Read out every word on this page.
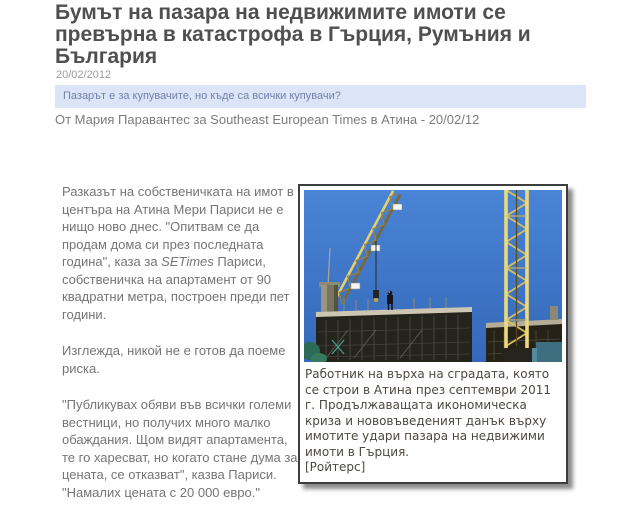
Бумът на пазара на недвижимите имоти се
превърна в катастрофа в Гърция, Румъния и
България
20/02/2012
Пазарът е за купувачите, но къде са всички купувачи?
От Мария Паравантес за Southeast European Times в Атина - 20/02/12

Разказът на собственичката на имот в центъра на Атина Мери Париси не е нищо ново днес. "Опитвам се да продам дома си през последната година", каза за SETimes Париси, собственичка на апартамент от 90 квадратни метра, построен преди пет години.

Изглежда, никой не е готов да поеме риска.

"Публикувах обяви във всички големи вестници, но получих много малко обаждания. Щом видят апартамента, те го харесват, но когато стане дума за цената, се отказват", казва Париси. "Намалих цената с 20 000 евро."

Работник на върха на сградата, която се строи в Атина през септември 2011 г. Продължаващата икономическа криза и нововъведеният данък върху имотите удари пазара на недвижими имоти в Гърция.
[Ройтерс]
